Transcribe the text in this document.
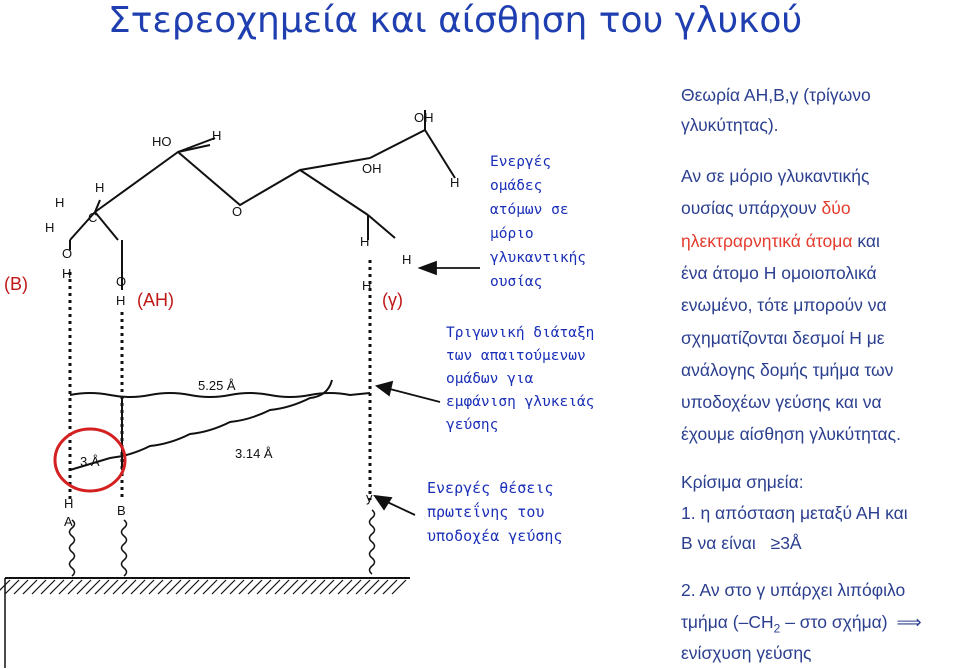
Στερεοχημεία και αίσθηση του γλυκού
HO	H
H
H
C
H
O
H
O
O
H
OH
OH
H
H
H
H
y
H
A
B
5.25 Å
3.14 Å
3 Å
(B)
(AH)	(γ)
Ενεργές
ομάδες
ατόμων σε
μόριο
γλυκαντικής
ουσίας
Τριγωνική διάταξη
των απαιτούμενων
ομάδων για
εμφάνιση γλυκειάς
γεύσης
Ενεργές θέσεις
πρωτεΐνης του
υποδοχέα γεύσης
Θεωρία ΑΗ,Β,γ (τρίγωνο
γλυκύτητας).
Αν σε μόριο γλυκαντικής
ουσίας υπάρχουν δύο
ηλεκτραρνητικά άτομα και
ένα άτομο Η ομοιοπολικά
ενωμένο, τότε μπορούν να
σχηματίζονται δεσμοί Η με
ανάλογης δομής τμήμα των
υποδοχέων γεύσης και να
έχουμε αίσθηση γλυκύτητας.
Κρίσιμα σημεία:
1. η απόσταση μεταξύ ΑΗ και
Β να είναι ≥3Å
2. Αν στο γ υπάρχει λιπόφιλο
τμήμα ($-CH_2$ – στο σχήμα) ⟹
ενίσχυση γεύσης
